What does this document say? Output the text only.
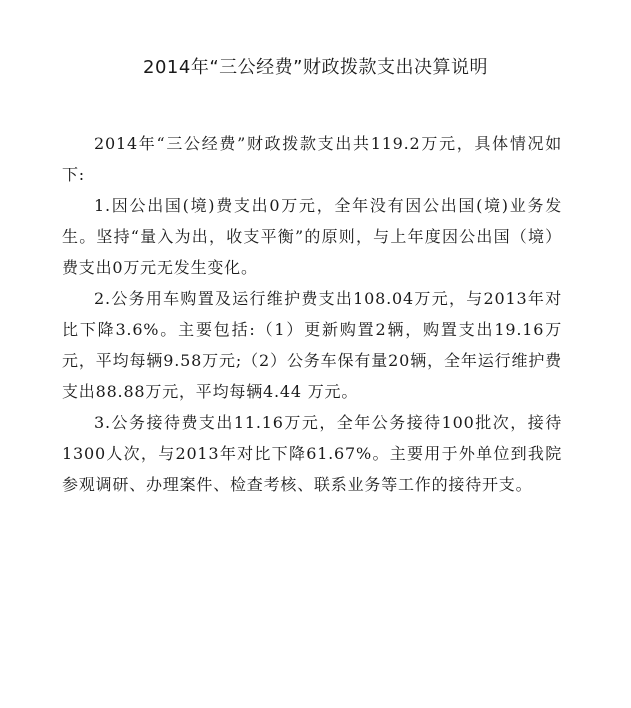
2014年“三公经费”财政拨款支出决算说明

2014年“三公经费”财政拨款支出共119.2万元，具体情况如下:

1.因公出国(境)费支出0万元，全年没有因公出国(境)业务发生。坚持“量入为出，收支平衡”的原则，与上年度因公出国（境）费支出0万元无发生变化。

2.公务用车购置及运行维护费支出108.04万元，与2013年对比下降3.6%。主要包括:（1）更新购置2辆，购置支出19.16万元，平均每辆9.58万元;（2）公务车保有量20辆，全年运行维护费支出88.88万元，平均每辆4.44 万元。

3.公务接待费支出11.16万元，全年公务接待100批次，接待1300人次，与2013年对比下降61.67%。主要用于外单位到我院参观调研、办理案件、检查考核、联系业务等工作的接待开支。
